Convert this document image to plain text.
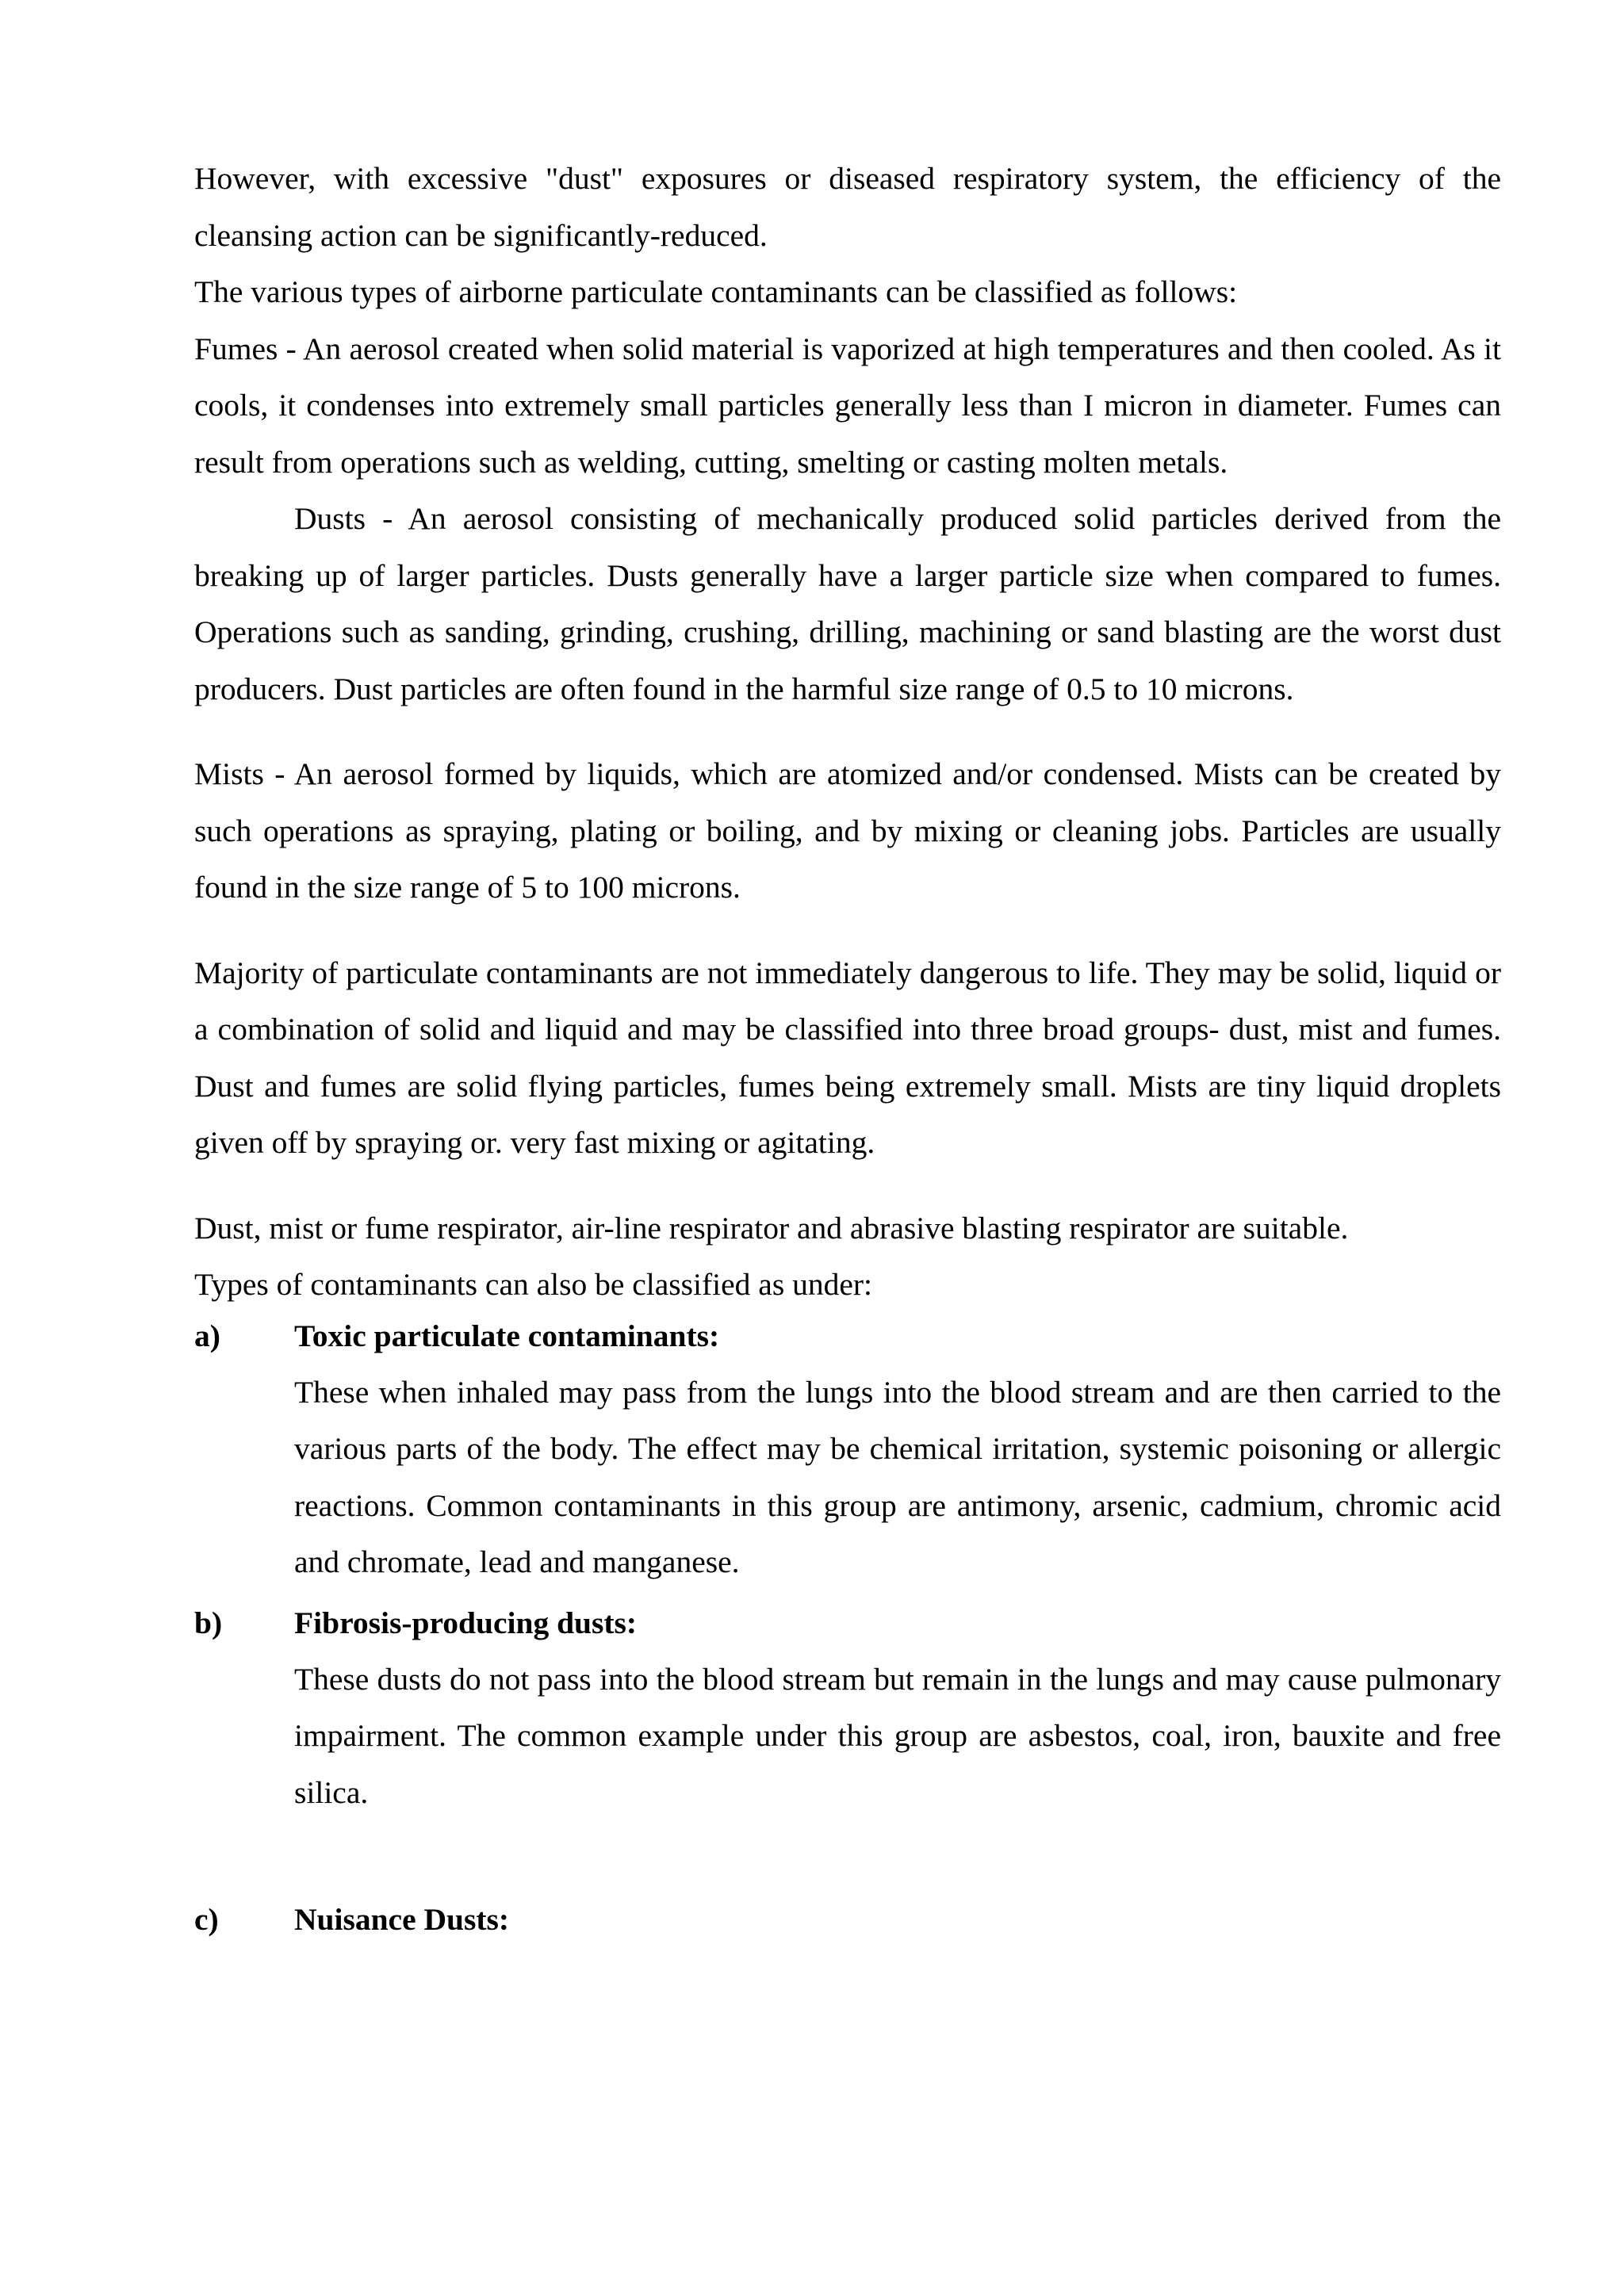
However, with excessive "dust" exposures or diseased respiratory system, the efficiency of the cleansing action can be significantly-reduced.

The various types of airborne particulate contaminants can be classified as follows:

Fumes - An aerosol created when solid material is vaporized at high temperatures and then cooled. As it cools, it condenses into extremely small particles generally less than I micron in diameter. Fumes can result from operations such as welding, cutting, smelting or casting molten metals.

Dusts - An aerosol consisting of mechanically produced solid particles derived from the breaking up of larger particles. Dusts generally have a larger particle size when compared to fumes. Operations such as sanding, grinding, crushing, drilling, machining or sand blasting are the worst dust producers. Dust particles are often found in the harmful size range of 0.5 to 10 microns.

Mists - An aerosol formed by liquids, which are atomized and/or condensed. Mists can be created by such operations as spraying, plating or boiling, and by mixing or cleaning jobs. Particles are usually found in the size range of 5 to 100 microns.

Majority of particulate contaminants are not immediately dangerous to life. They may be solid, liquid or a combination of solid and liquid and may be classified into three broad groups- dust, mist and fumes. Dust and fumes are solid flying particles, fumes being extremely small. Mists are tiny liquid droplets given off by spraying or. very fast mixing or agitating.

Dust, mist or fume respirator, air-line respirator and abrasive blasting respirator are suitable.

Types of contaminants can also be classified as under:

a)	Toxic particulate contaminants:

These when inhaled may pass from the lungs into the blood stream and are then carried to the various parts of the body. The effect may be chemical irritation, systemic poisoning or allergic reactions. Common contaminants in this group are antimony, arsenic, cadmium, chromic acid and chromate, lead and manganese.

b)	Fibrosis-producing dusts:

These dusts do not pass into the blood stream but remain in the lungs and may cause pulmonary impairment. The common example under this group are asbestos, coal, iron, bauxite and free silica.

c)	Nuisance Dusts:
